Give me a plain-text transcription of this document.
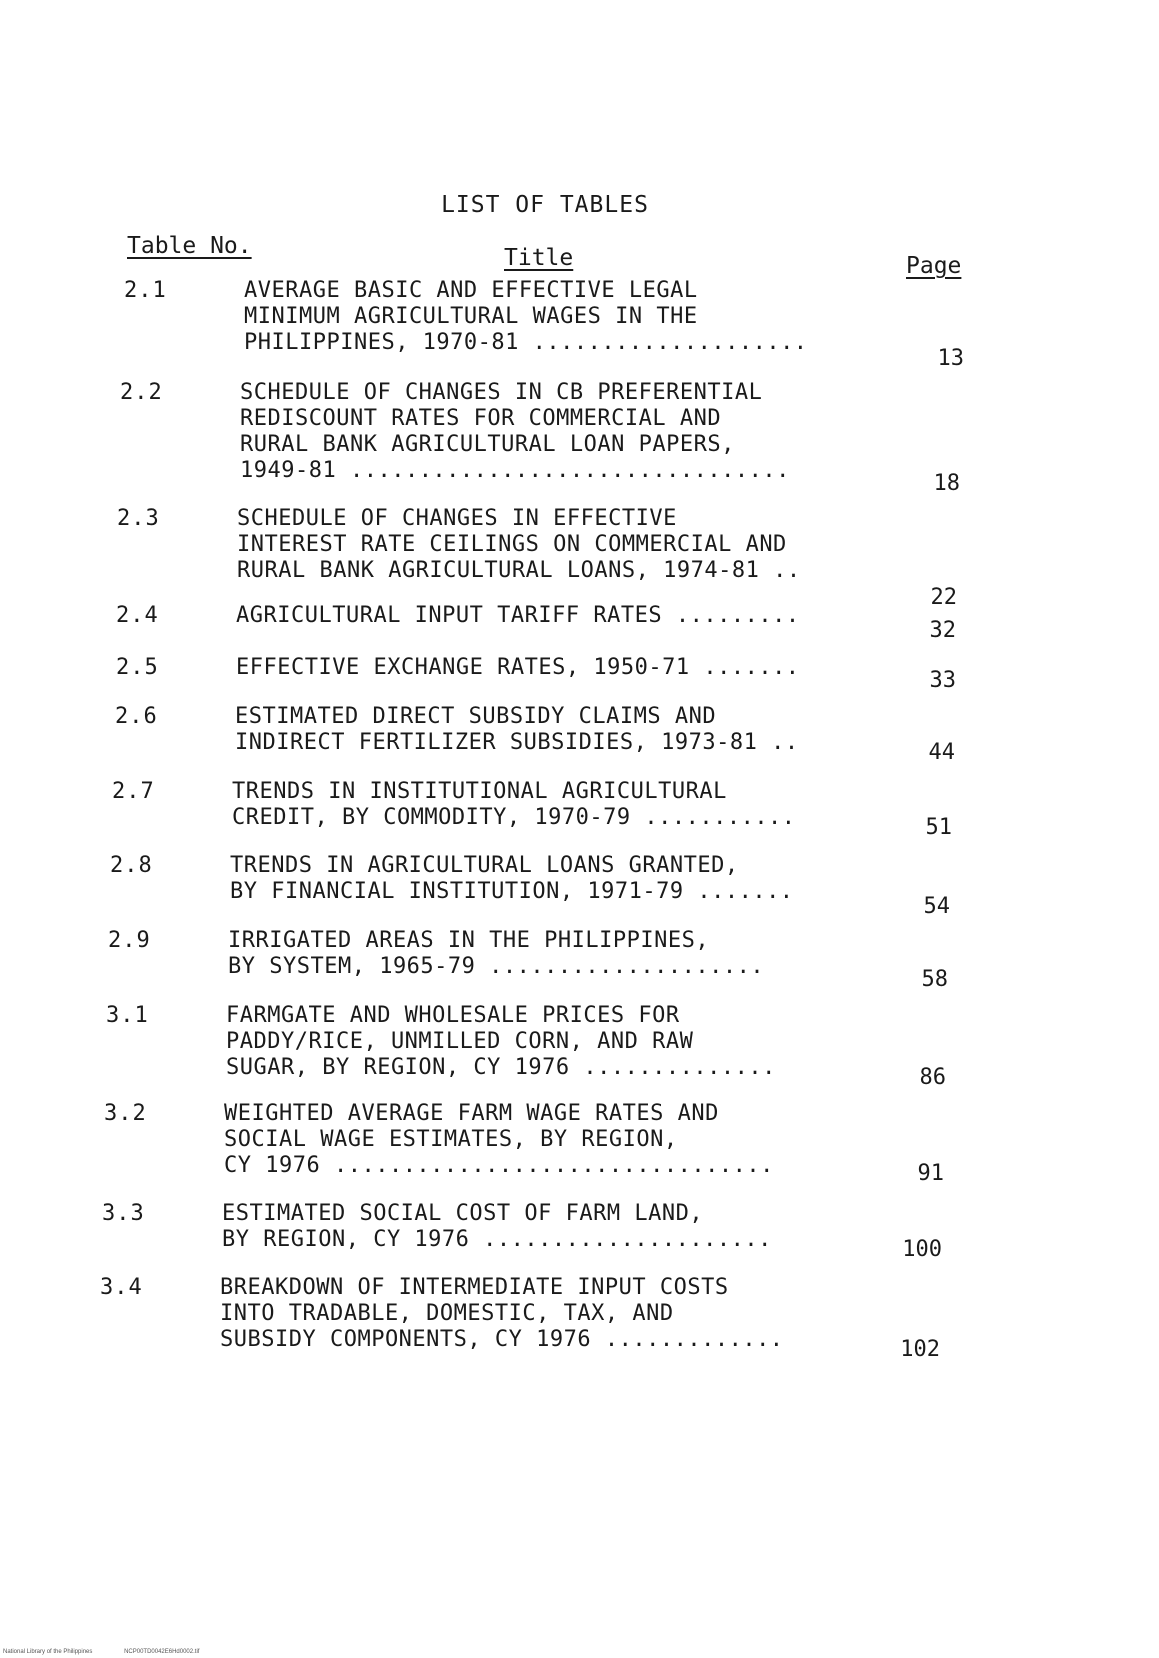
LIST OF TABLES
Table No.	Title	Page
2.1	AVERAGE BASIC AND EFFECTIVE LEGAL
MINIMUM AGRICULTURAL WAGES IN THE
PHILIPPINES, 1970-81 ....................
13
2.2	SCHEDULE OF CHANGES IN CB PREFERENTIAL
REDISCOUNT RATES FOR COMMERCIAL AND
RURAL BANK AGRICULTURAL LOAN PAPERS,
1949-81 ................................
18
2.3	SCHEDULE OF CHANGES IN EFFECTIVE
INTEREST RATE CEILINGS ON COMMERCIAL AND
RURAL BANK AGRICULTURAL LOANS, 1974-81 ..
22
2.4	AGRICULTURAL INPUT TARIFF RATES .........
32
2.5	EFFECTIVE EXCHANGE RATES, 1950-71 .......
33
2.6	ESTIMATED DIRECT SUBSIDY CLAIMS AND
INDIRECT FERTILIZER SUBSIDIES, 1973-81 ..	44
2.7	TRENDS IN INSTITUTIONAL AGRICULTURAL
CREDIT, BY COMMODITY, 1970-79 ...........	51
2.8	TRENDS IN AGRICULTURAL LOANS GRANTED,
BY FINANCIAL INSTITUTION, 1971-79 .......
54
2.9	IRRIGATED AREAS IN THE PHILIPPINES,
BY SYSTEM, 1965-79 ....................
58
3.1	FARMGATE AND WHOLESALE PRICES FOR
PADDY/RICE, UNMILLED CORN, AND RAW
SUGAR, BY REGION, CY 1976 ..............	86
3.2	WEIGHTED AVERAGE FARM WAGE RATES AND
SOCIAL WAGE ESTIMATES, BY REGION,
CY 1976 ................................	91
3.3	ESTIMATED SOCIAL COST OF FARM LAND,
BY REGION, CY 1976 .....................	100
3.4	BREAKDOWN OF INTERMEDIATE INPUT COSTS
INTO TRADABLE, DOMESTIC, TAX, AND
SUBSIDY COMPONENTS, CY 1976 .............	102
National Library of the Philippines	NCP00TD0042E6Hd0002.tif
